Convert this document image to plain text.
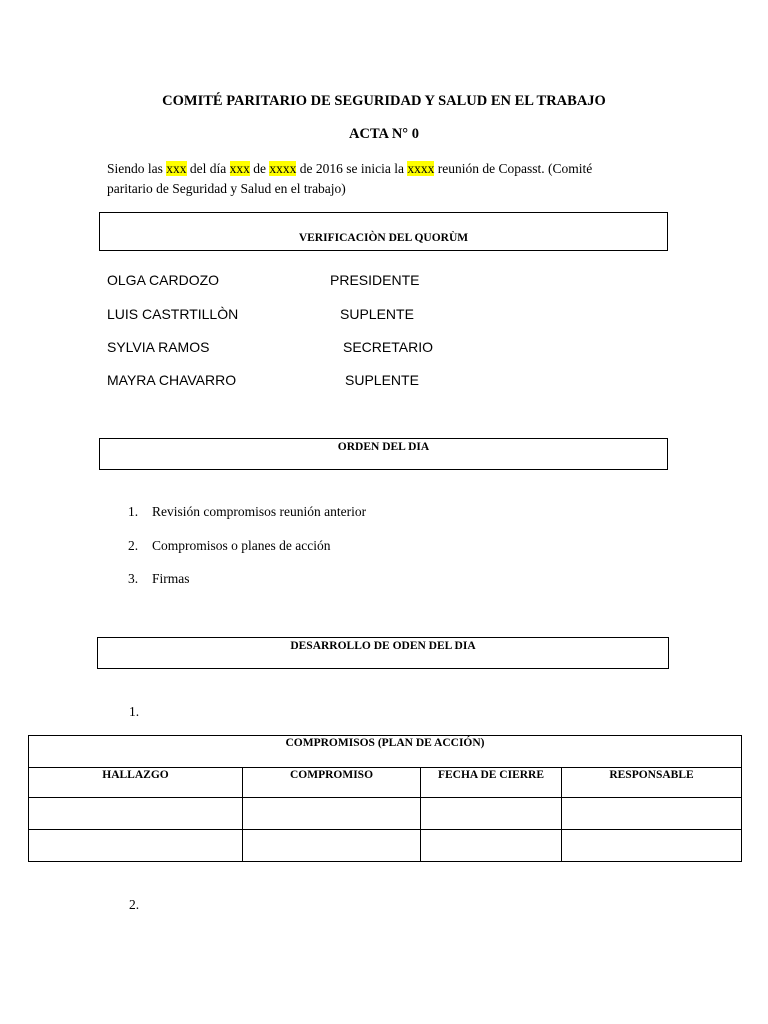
COMITÉ PARITARIO DE SEGURIDAD Y SALUD EN EL TRABAJO
ACTA N° 0
Siendo las xxx del día xxx de xxxx de 2016 se inicia la xxxx reunión de Copasst. (Comité
paritario de Seguridad y Salud en el trabajo)
VERIFICACIÒN DEL QUORÙM
OLGA CARDOZO	PRESIDENTE
LUIS CASTRTILLÒN	SUPLENTE
SYLVIA RAMOS	SECRETARIO
MAYRA CHAVARRO	SUPLENTE
ORDEN DEL DIA
1. Revisión compromisos reunión anterior
2. Compromisos o planes de acción
3. Firmas
DESARROLLO DE ODEN DEL DIA
1.
COMPROMISOS (PLAN DE ACCIÓN)			
HALLAZGO	COMPROMISO	FECHA DE CIERRE	RESPONSABLE

2.
